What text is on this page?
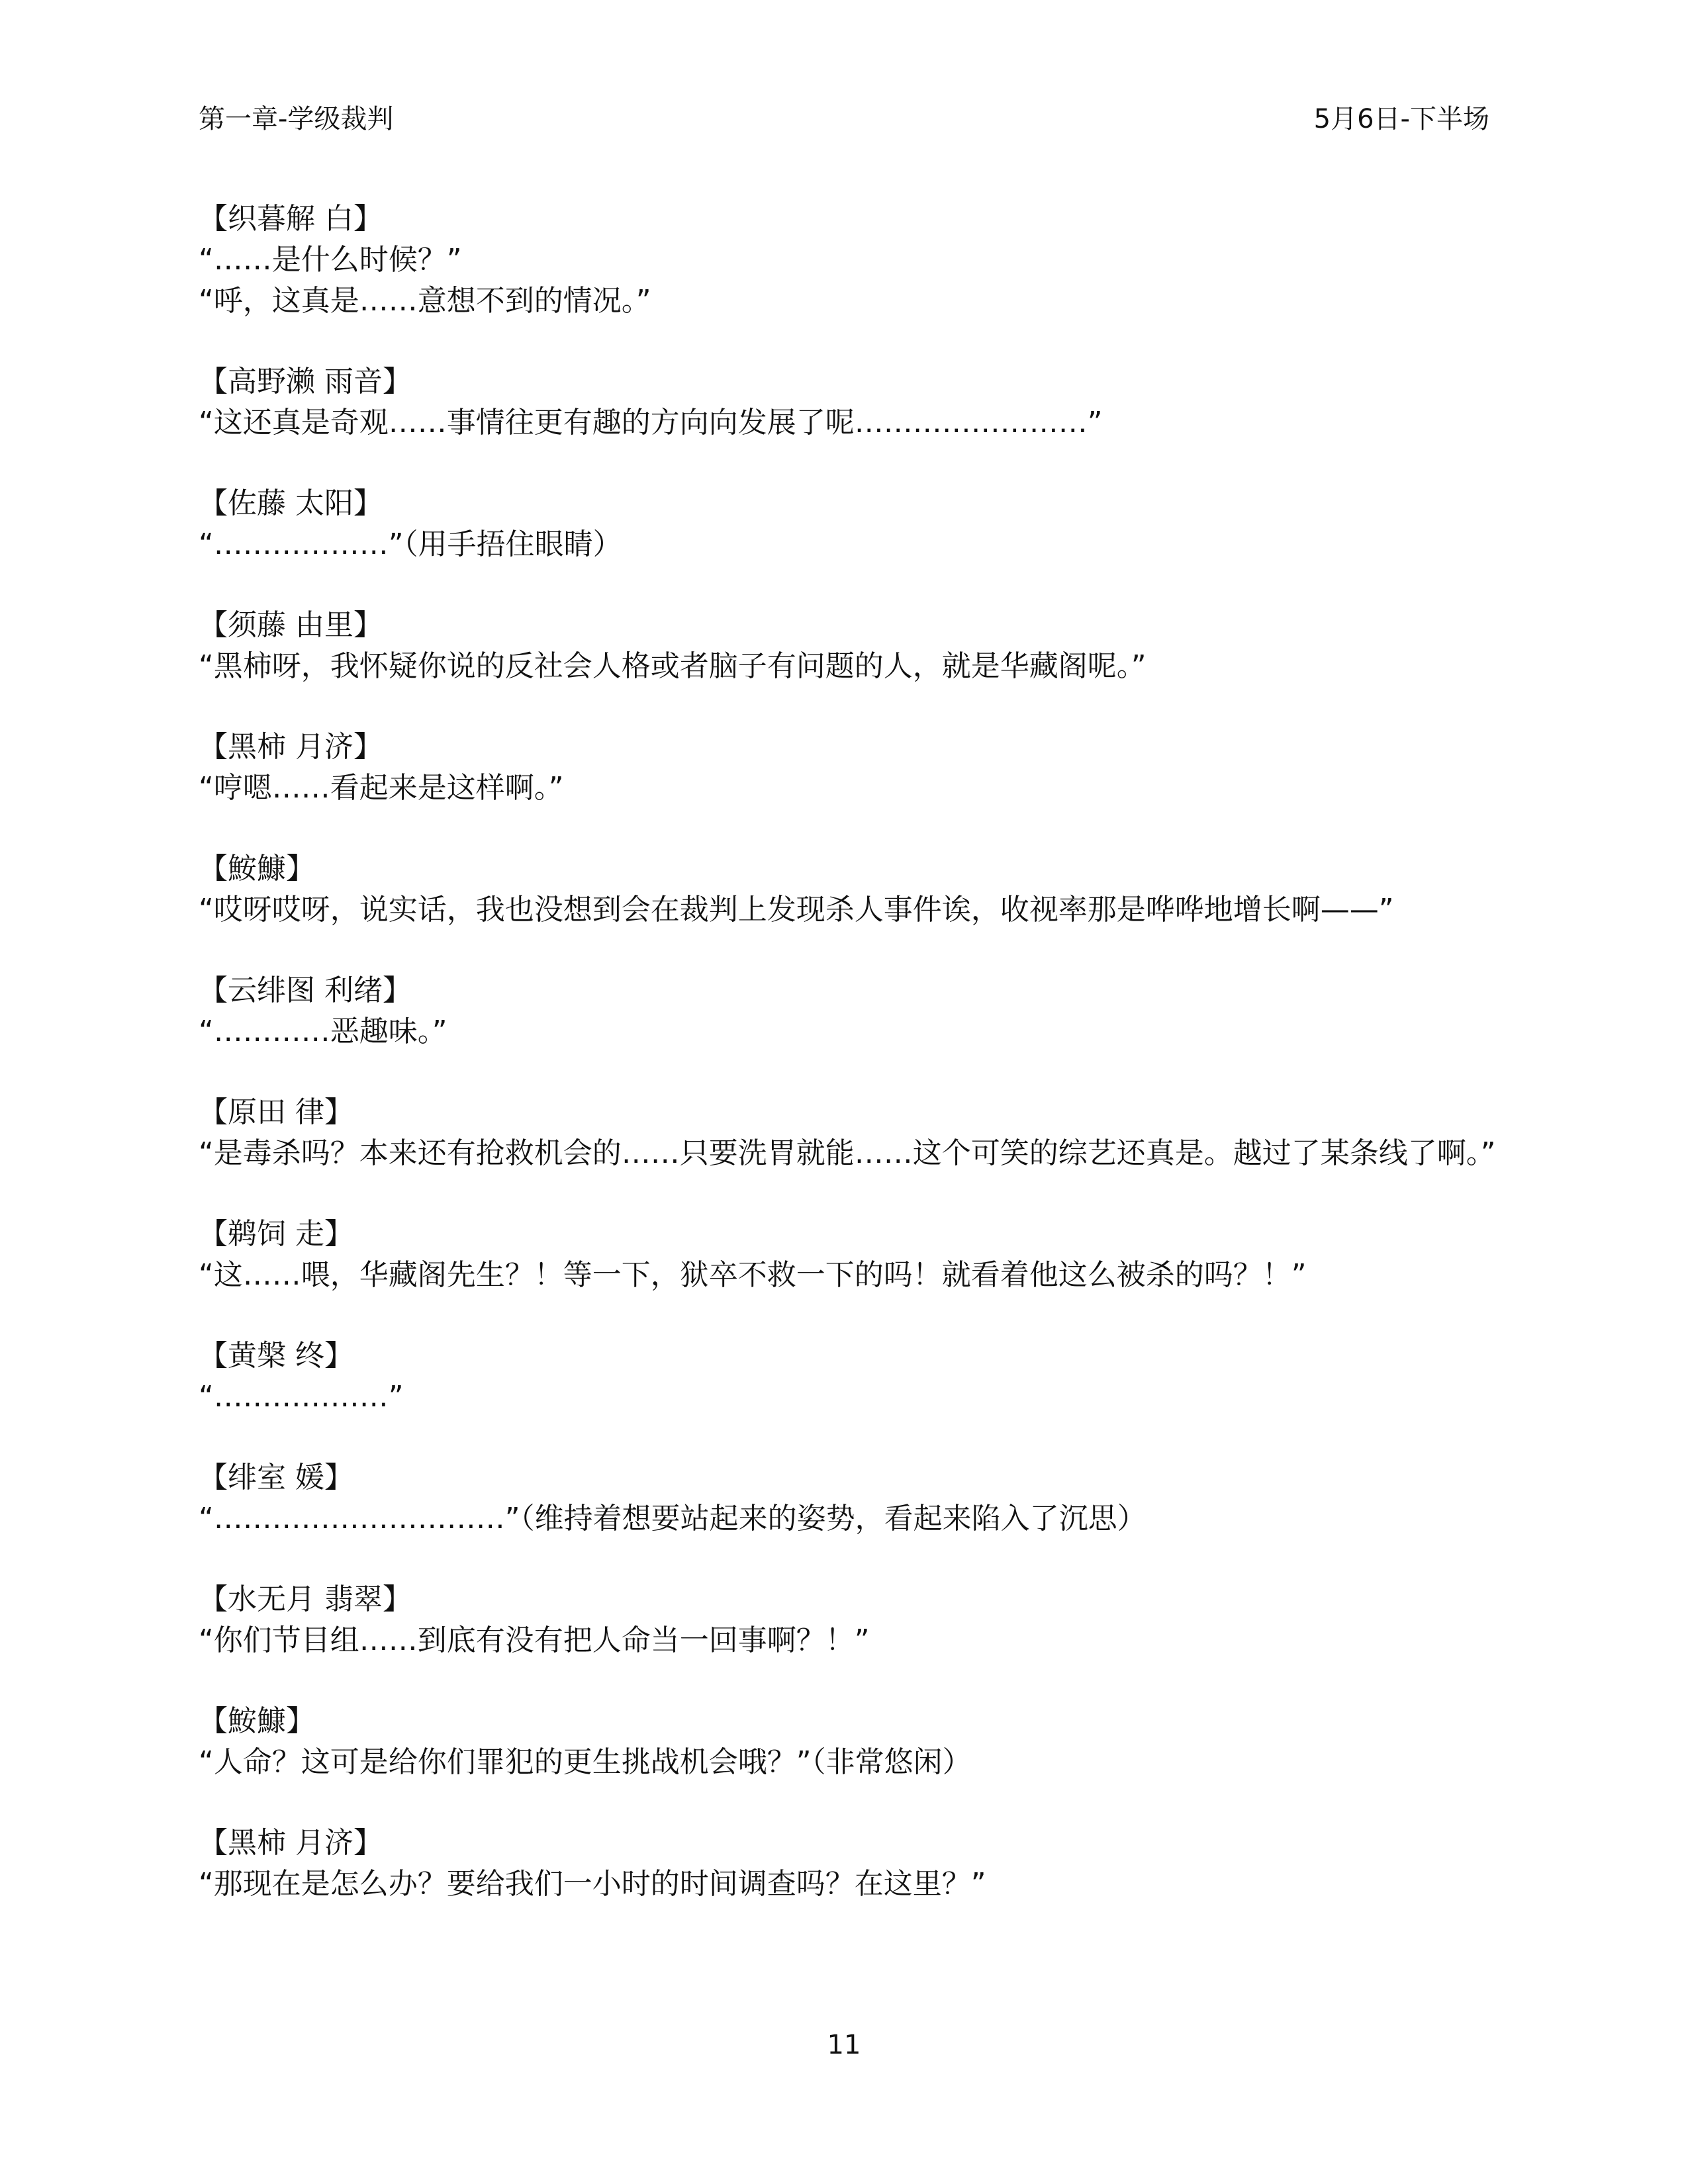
第一章-学级裁判	5月6日-下半场
【织暮解 白】
“……是什么时候？”
“呼，这真是……意想不到的情况。”
【高野濑 雨音】
“这还真是奇观……事情往更有趣的方向向发展了呢……………………”
【佐藤 太阳】
“………………”（用手捂住眼睛）
【须藤 由里】
“黑柿呀，我怀疑你说的反社会人格或者脑子有问题的人，就是华藏阁呢。”
【黑柿 月济】
“哼嗯……看起来是这样啊。”
【鮟鱇】
“哎呀哎呀，说实话，我也没想到会在裁判上发现杀人事件诶，收视率那是哗哗地增长啊——”
【云绯图 利绪】
“…………恶趣味。”
【原田 律】
“是毒杀吗？本来还有抢救机会的……只要洗胃就能……这个可笑的综艺还真是。越过了某条线了啊。”
【鹈饲 走】
“这……喂，华藏阁先生？！等一下，狱卒不救一下的吗！就看着他这么被杀的吗？！”
【黄槃 终】
“………………”
【绯室 媛】
“…………………………”（维持着想要站起来的姿势，看起来陷入了沉思）
【水无月 翡翠】
“你们节目组……到底有没有把人命当一回事啊？！”
【鮟鱇】
“人命？这可是给你们罪犯的更生挑战机会哦？”（非常悠闲）
【黑柿 月济】
“那现在是怎么办？要给我们一小时的时间调查吗？在这里？”
11
